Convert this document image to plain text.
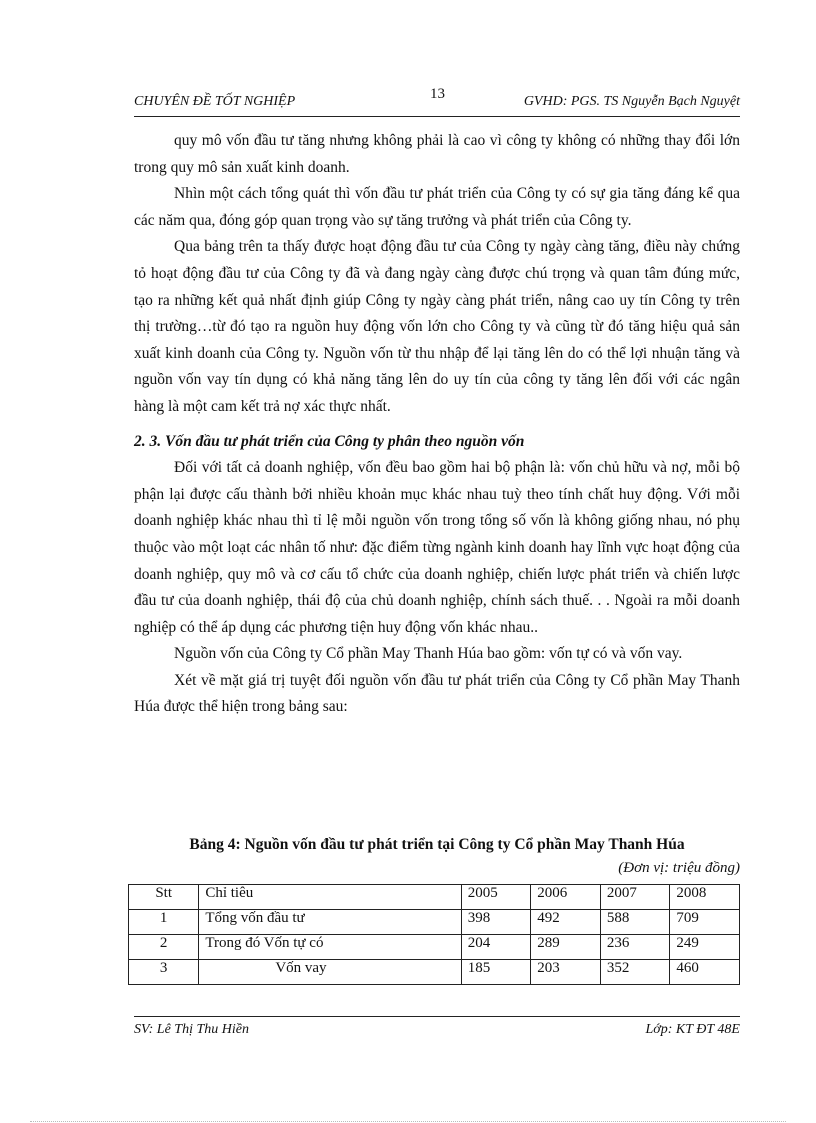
CHUYÊN ĐỀ TỐT NGHIỆP	13	GVHD: PGS. TS Nguyễn Bạch Nguyệt

quy mô vốn đầu tư tăng nhưng không phải là cao vì công ty không có những thay đổi lớn trong quy mô sản xuất kinh doanh.

Nhìn một cách tổng quát thì vốn đầu tư phát triển của Công ty có sự gia tăng đáng kể qua các năm qua, đóng góp quan trọng vào sự tăng trưởng và phát triển của Công ty.

Qua bảng trên ta thấy được hoạt động đầu tư của Công ty ngày càng tăng, điều này chứng tỏ hoạt động đầu tư của Công ty đã và đang ngày càng được chú trọng và quan tâm đúng mức, tạo ra những kết quả nhất định giúp Công ty ngày càng phát triển, nâng cao uy tín Công ty trên thị trường…từ đó tạo ra nguồn huy động vốn lớn cho Công ty và cũng từ đó tăng hiệu quả sản xuất kinh doanh của Công ty. Nguồn vốn từ thu nhập để lại tăng lên do có thể lợi nhuận tăng và nguồn vốn vay tín dụng có khả năng tăng lên do uy tín của công ty tăng lên đối với các ngân hàng là một cam kết trả nợ xác thực nhất.

2. 3. Vốn đầu tư phát triển của Công ty phân theo nguồn vốn

Đối với tất cả doanh nghiệp, vốn đều bao gồm hai bộ phận là: vốn chủ hữu và nợ, mỗi bộ phận lại được cấu thành bởi nhiều khoản mục khác nhau tuỳ theo tính chất huy động. Với mỗi doanh nghiệp khác nhau thì tỉ lệ mỗi nguồn vốn trong tổng số vốn là không giống nhau, nó phụ thuộc vào một loạt các nhân tố như: đặc điểm từng ngành kinh doanh hay lĩnh vực hoạt động của doanh nghiệp, quy mô và cơ cấu tổ chức của doanh nghiệp, chiến lược phát triển và chiến lược đầu tư của doanh nghiệp, thái độ của chủ doanh nghiệp, chính sách thuế. . . Ngoài ra mỗi doanh nghiệp có thể áp dụng các phương tiện huy động vốn khác nhau..

Nguồn vốn của Công ty Cổ phần May Thanh Húa bao gồm: vốn tự có và vốn vay.

Xét về mặt giá trị tuyệt đối nguồn vốn đầu tư phát triển của Công ty Cổ phần May Thanh Húa được thể hiện trong bảng sau:

Bảng 4: Nguồn vốn đầu tư phát triển tại Công ty Cổ phần May Thanh Húa
(Đơn vị: triệu đồng)
Stt	Chỉ tiêu	2005	2006	2007	2008
1	Tổng vốn đầu tư	398	492	588	709
2	Trong đó Vốn tự có	204	289	236	249
3	Vốn vay	185	203	352	460
SV: Lê Thị Thu Hiền	Lớp: KT ĐT 48E
